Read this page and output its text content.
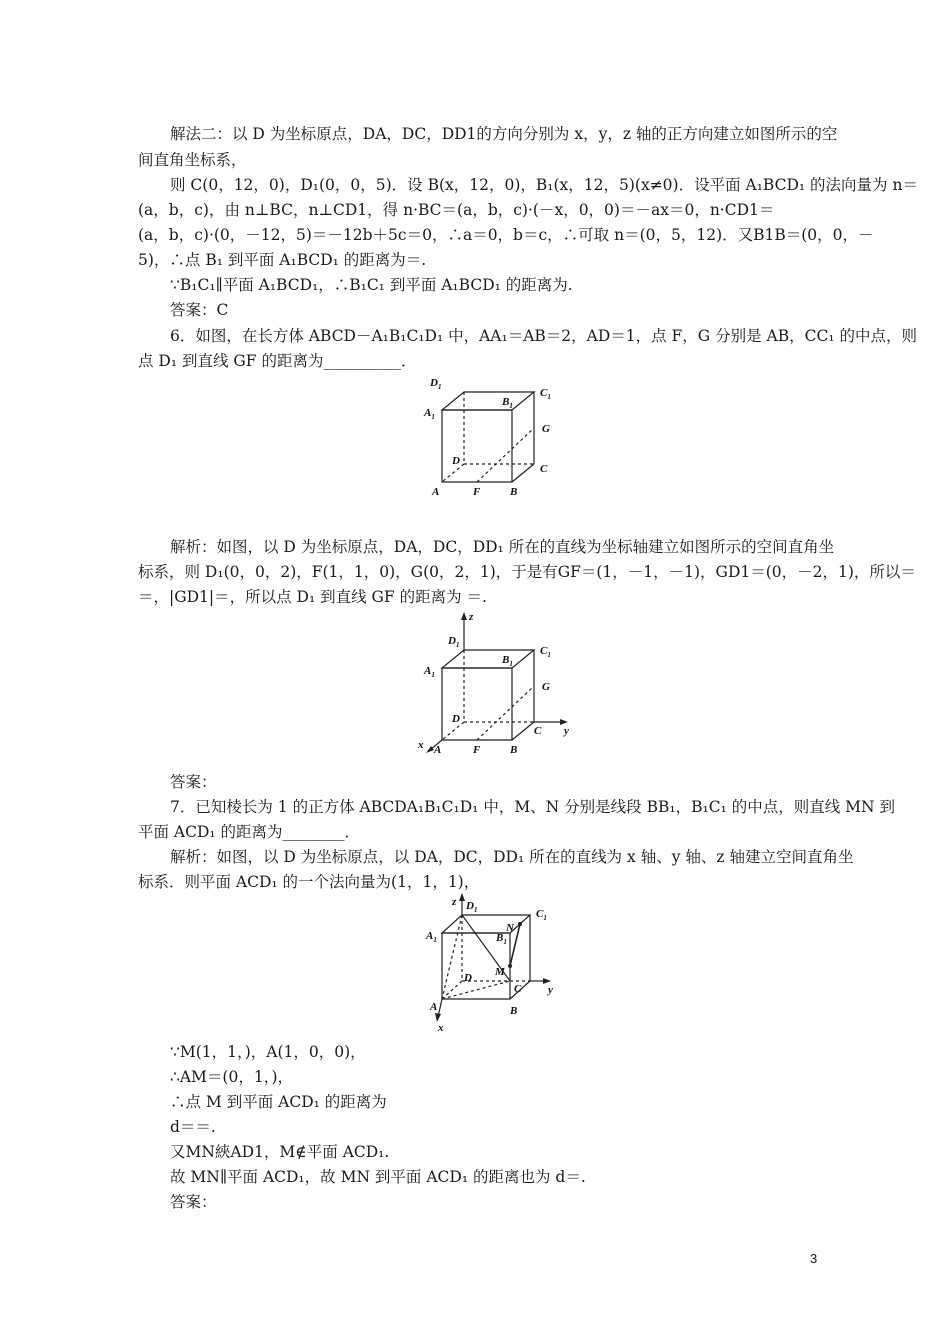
解法二：以 D 为坐标原点，DA，DC，DD1的方向分别为 x，y，z 轴的正方向建立如图所示的空
间直角坐标系，
则 C(0，12，0)，D₁(0，0，5)．设 B(x，12，0)，B₁(x，12，5)(x≠0)．设平面 A₁BCD₁ 的法向量为 n＝
(a，b，c)，由 n⊥BC，n⊥CD1，得 n·BC＝(a，b，c)·(－x，0，0)＝－ax＝0，n·CD1＝
(a，b，c)·(0，－12，5)＝－12b＋5c＝0，∴a＝0，b＝c，∴可取 n＝(0，5，12)．又B1B＝(0，0，－
5)，∴点 B₁ 到平面 A₁BCD₁ 的距离为＝.
∵B₁C₁∥平面 A₁BCD₁，∴B₁C₁ 到平面 A₁BCD₁ 的距离为.
答案：C
6．如图，在长方体 ABCD－A₁B₁C₁D₁ 中，AA₁＝AB＝2，AD＝1，点 F，G 分别是 AB，CC₁ 的中点，则
点 D₁ 到直线 GF 的距离为__________．
$D_1$
$A_1$
$B_1$
$C_1$
G
D
C
A	F	B
解析：如图，以 D 为坐标原点，DA，DC，DD₁ 所在的直线为坐标轴建立如图所示的空间直角坐
标系，则 D₁(0，0，2)，F(1，1，0)，G(0，2，1)，于是有GF＝(1，－1，－1)，GD1＝(0，－2，1)，所以＝
＝，|GD1|＝，所以点 D₁ 到直线 GF 的距离为 ＝.
z
y
x
$D_1$
$A_1$
$B_1$
$C_1$
G
D
C
A	F	B
答案：
7．已知棱长为 1 的正方体 ABCDA₁B₁C₁D₁ 中，M、N 分别是线段 BB₁，B₁C₁ 的中点，则直线 MN 到
平面 ACD₁ 的距离为________．
解析：如图，以 D 为坐标原点，以 DA，DC，DD₁ 所在的直线为 x 轴、y 轴、z 轴建立空间直角坐
标系．则平面 ACD₁ 的一个法向量为(1，1，1)，
z
y
x
$D_1$
$A_1$	$B_1$
$C_1$
N
M
D
C
A	B
∵M(1，1，)，A(1，0，0)，
∴AM＝(0，1，)，
∴点 M 到平面 ACD₁ 的距离为
d＝＝.
又MN綊AD1，M∉平面 ACD₁.
故 MN∥平面 ACD₁，故 MN 到平面 ACD₁ 的距离也为 d＝.
答案：
3
